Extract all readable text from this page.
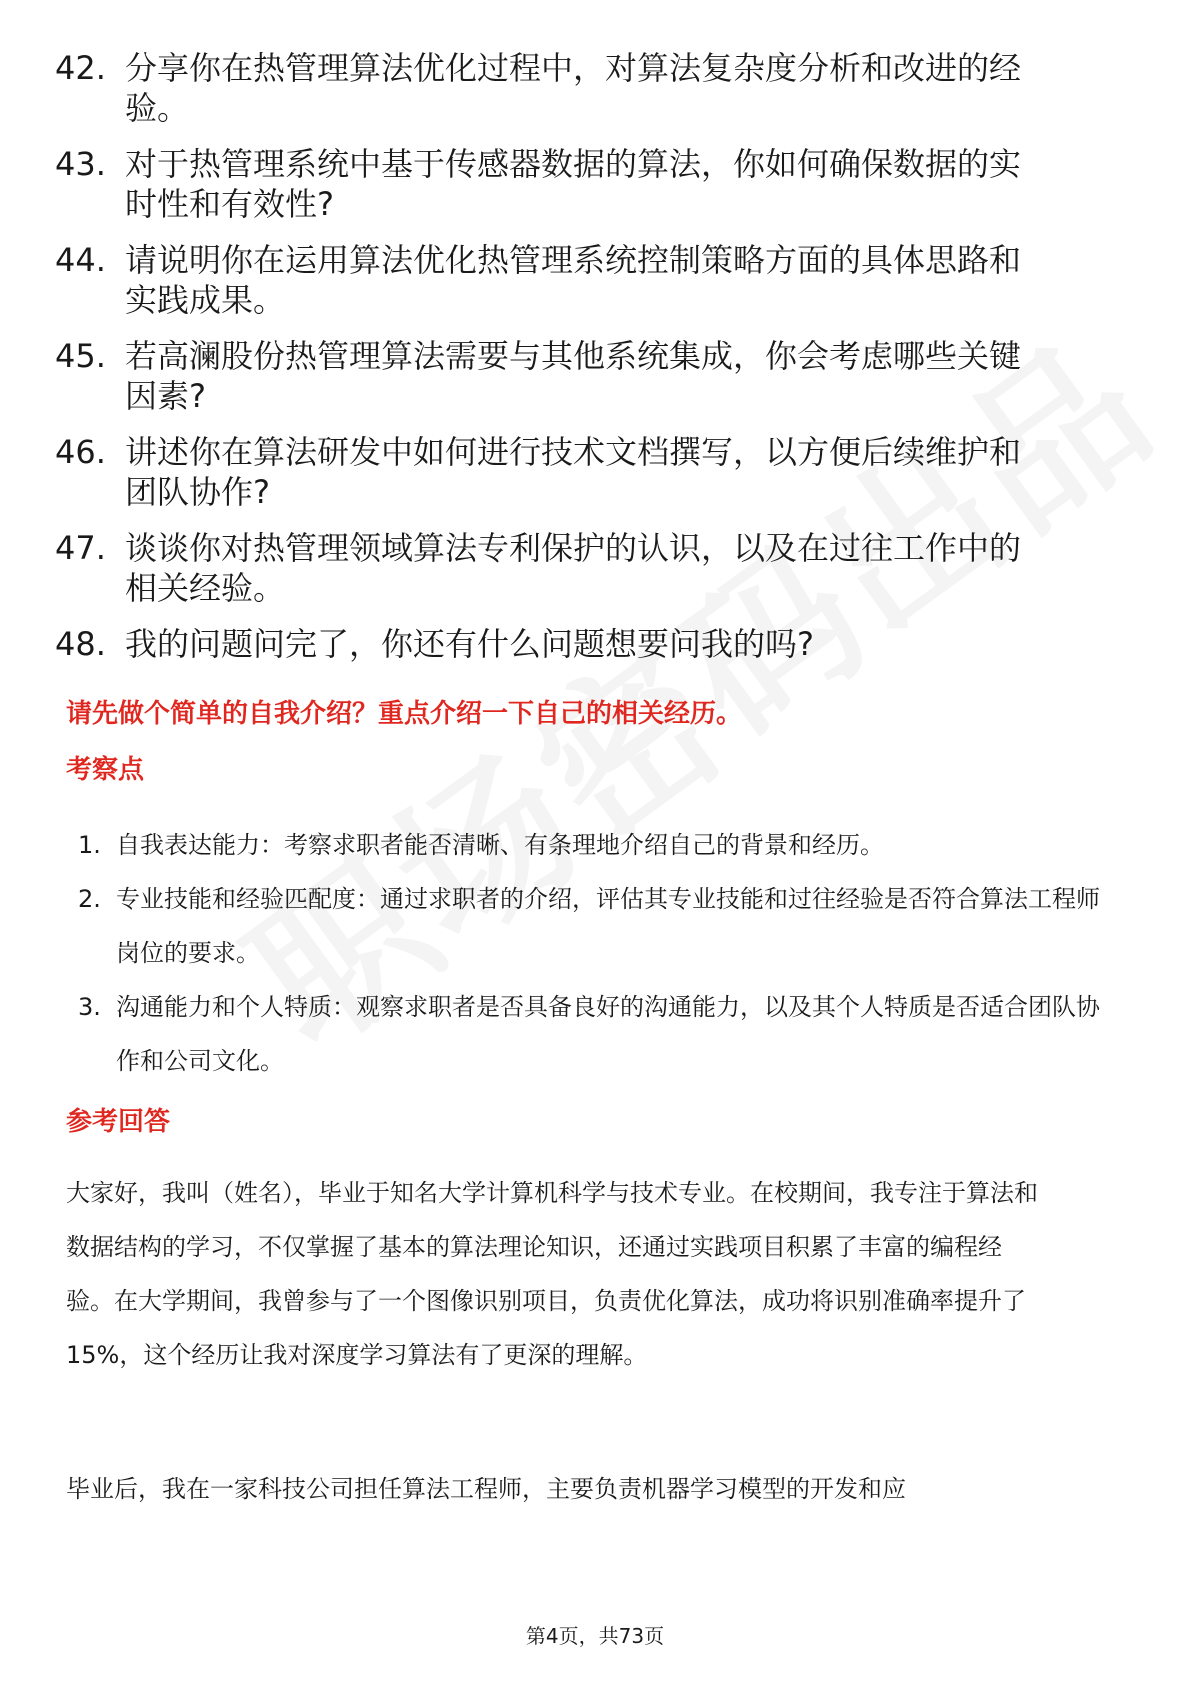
42. 分享你在热管理算法优化过程中，对算法复杂度分析和改进的经验。
43. 对于热管理系统中基于传感器数据的算法，你如何确保数据的实时性和有效性?
44. 请说明你在运用算法优化热管理系统控制策略方面的具体思路和实践成果。
45. 若高澜股份热管理算法需要与其他系统集成，你会考虑哪些关键因素?
46. 讲述你在算法研发中如何进行技术文档撰写，以方便后续维护和团队协作?
47. 谈谈你对热管理领域算法专利保护的认识，以及在过往工作中的相关经验。
48. 我的问题问完了，你还有什么问题想要问我的吗?
请先做个简单的自我介绍？重点介绍一下自己的相关经历。
考察点
1. 自我表达能力：考察求职者能否清晰、有条理地介绍自己的背景和经历。
2. 专业技能和经验匹配度：通过求职者的介绍，评估其专业技能和过往经验是否符合算法工程师岗位的要求。
3. 沟通能力和个人特质：观察求职者是否具备良好的沟通能力，以及其个人特质是否适合团队协作和公司文化。
参考回答

大家好，我叫（姓名），毕业于知名大学计算机科学与技术专业。在校期间，我专注于算法和数据结构的学习，不仅掌握了基本的算法理论知识，还通过实践项目积累了丰富的编程经验。在大学期间，我曾参与了一个图像识别项目，负责优化算法，成功将识别准确率提升了15%，这个经历让我对深度学习算法有了更深的理解。

毕业后，我在一家科技公司担任算法工程师，主要负责机器学习模型的开发和应

第4页，共73页
